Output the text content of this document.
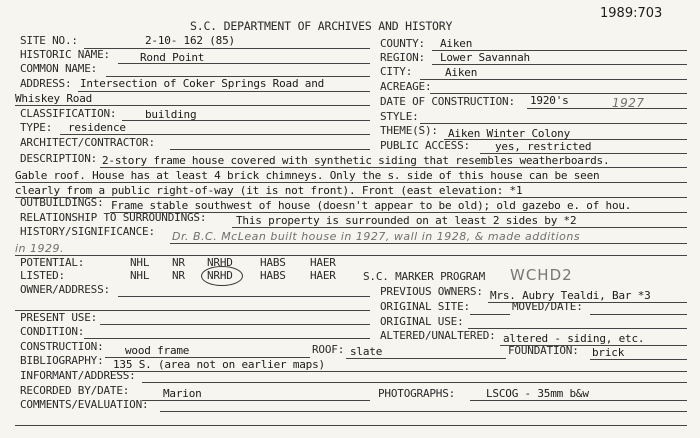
S.C. DEPARTMENT OF ARCHIVES AND HISTORY
1989:703
SITE NO.:	2-10- 162 (85)	COUNTY: Aiken
HISTORIC NAME:	Rond Point	REGION: Lower Savannah
COMMON NAME:	CITY:	Aiken
ADDRESS: Intersection of Coker Springs Road and	ACREAGE:
Whiskey Road	DATE OF CONSTRUCTION: 1920's	1927
CLASSIFICATION:	building	STYLE:
TYPE: residence	THEME(S): Aiken Winter Colony
ARCHITECT/CONTRACTOR:	PUBLIC ACCESS: yes, restricted
DESCRIPTION: 2-story frame house covered with synthetic siding that resembles weatherboards.
Gable roof. House has at least 4 brick chimneys. Only the s. side of this house can be seen
clearly from a public right-of-way (it is not front). Front (east elevation: *1
OUTBUILDINGS: Frame stable southwest of house (doesn't appear to be old); old gazebo e. of hou.
RELATIONSHIP TO SURROUNDINGS:	This property is surrounded on at least 2 sides by *2
HISTORY/SIGNIFICANCE: Dr. B.C. McLean built house in 1927, wall in 1928, & made additions
in 1929.
POTENTIAL:	NHL NR NRHD HABS HAER
LISTED:	NHL NR NRHD HABS HAER S.C. MARKER PROGRAM WCHD2
OWNER/ADDRESS:	PREVIOUS OWNERS: Mrs. Aubry Tealdi, Bar *3
ORIGINAL SITE:	MOVED/DATE:
PRESENT USE:	ORIGINAL USE:
CONDITION:	ALTERED/UNALTERED: altered - siding, etc.
CONSTRUCTION: wood frame	ROOF: slate	FOUNDATION: brick
BIBLIOGRAPHY: 135 S. (area not on earlier maps)
INFORMANT/ADDRESS:
RECORDED BY/DATE:	Marion	PHOTOGRAPHS:	LSCOG - 35mm b&w
COMMENTS/EVALUATION:
